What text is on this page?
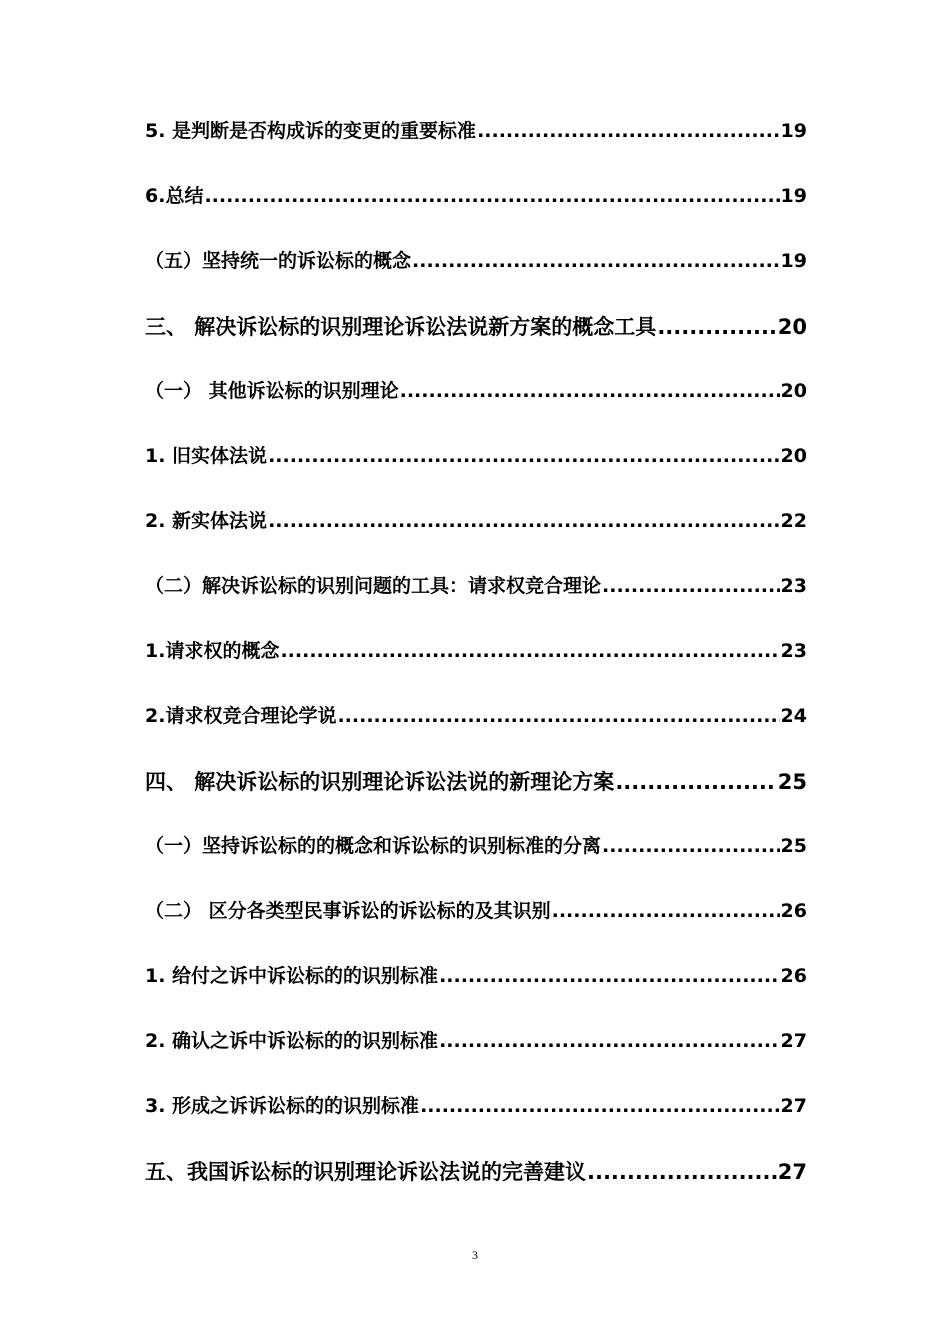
5. 是判断是否构成诉的变更的重要标准 .....	19
6.总结 .....	19
（五）坚持统一的诉讼标的概念 .....	19
三、 解决诉讼标的识别理论诉讼法说新方案的概念工具 .....	20
（一） 其他诉讼标的识别理论 .....	20
1. 旧实体法说 .....	20
2. 新实体法说 .....	22
（二）解决诉讼标的识别问题的工具：请求权竞合理论 .....	23
1.请求权的概念 .....	23
2.请求权竞合理论学说 .....	24
四、 解决诉讼标的识别理论诉讼法说的新理论方案 .....	25
（一）坚持诉讼标的的概念和诉讼标的识别标准的分离 .....	25
（二） 区分各类型民事诉讼的诉讼标的及其识别 .....	26
1. 给付之诉中诉讼标的的识别标准 .....	26
2. 确认之诉中诉讼标的的识别标准 .....	27
3. 形成之诉诉讼标的的识别标准 .....	27
五、我国诉讼标的识别理论诉讼法说的完善建议 .....	27
3
